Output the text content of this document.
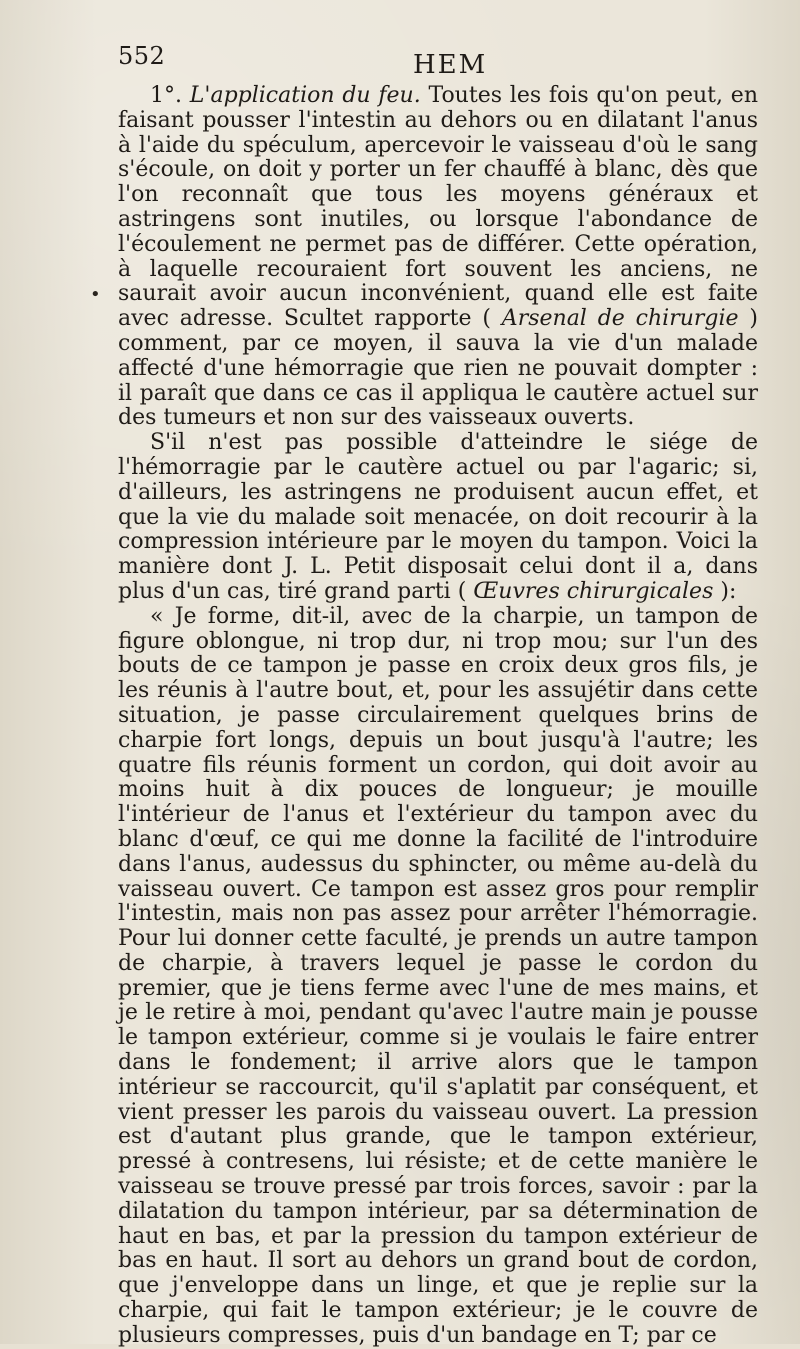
552	HEM
•

1°. L'application du feu. Toutes les fois qu'on peut, en faisant pousser l'intestin au dehors ou en dilatant l'anus à l'aide du spéculum, apercevoir le vaisseau d'où le sang s'écoule, on doit y porter un fer chauffé à blanc, dès que l'on reconnaît que tous les moyens généraux et astringens sont inutiles, ou lorsque l'abondance de l'écoulement ne permet pas de différer. Cette opération, à laquelle recouraient fort souvent les anciens, ne saurait avoir aucun inconvénient, quand elle est faite avec adresse. Scultet rapporte ( Arsenal de chirurgie ) comment, par ce moyen, il sauva la vie d'un malade affecté d'une hémorragie que rien ne pouvait dompter : il paraît que dans ce cas il appliqua le cautère actuel sur des tumeurs et non sur des vaisseaux ouverts.

S'il n'est pas possible d'atteindre le siége de l'hémorragie par le cautère actuel ou par l'agaric; si, d'ailleurs, les astringens ne produisent aucun effet, et que la vie du malade soit menacée, on doit recourir à la compression intérieure par le moyen du tampon. Voici la manière dont J. L. Petit disposait celui dont il a, dans plus d'un cas, tiré grand parti ( Œuvres chirurgicales ):

« Je forme, dit-il, avec de la charpie, un tampon de figure oblongue, ni trop dur, ni trop mou; sur l'un des bouts de ce tampon je passe en croix deux gros fils, je les réunis à l'autre bout, et, pour les assujétir dans cette situation, je passe circulairement quelques brins de charpie fort longs, depuis un bout jusqu'à l'autre; les quatre fils réunis forment un cordon, qui doit avoir au moins huit à dix pouces de longueur; je mouille l'intérieur de l'anus et l'extérieur du tampon avec du blanc d'œuf, ce qui me donne la facilité de l'introduire dans l'anus, audessus du sphincter, ou même au-delà du vaisseau ouvert. Ce tampon est assez gros pour remplir l'intestin, mais non pas assez pour arrêter l'hémorragie. Pour lui donner cette faculté, je prends un autre tampon de charpie, à travers lequel je passe le cordon du premier, que je tiens ferme avec l'une de mes mains, et je le retire à moi, pendant qu'avec l'autre main je pousse le tampon extérieur, comme si je voulais le faire entrer dans le fondement; il arrive alors que le tampon intérieur se raccourcit, qu'il s'aplatit par conséquent, et vient presser les parois du vaisseau ouvert. La pression est d'autant plus grande, que le tampon extérieur, pressé à contresens, lui résiste; et de cette manière le vaisseau se trouve pressé par trois forces, savoir : par la dilatation du tampon intérieur, par sa détermination de haut en bas, et par la pression du tampon extérieur de bas en haut. Il sort au dehors un grand bout de cordon, que j'enveloppe dans un linge, et que je replie sur la charpie, qui fait le tampon extérieur; je le couvre de plusieurs compresses, puis d'un bandage en T; par ce
